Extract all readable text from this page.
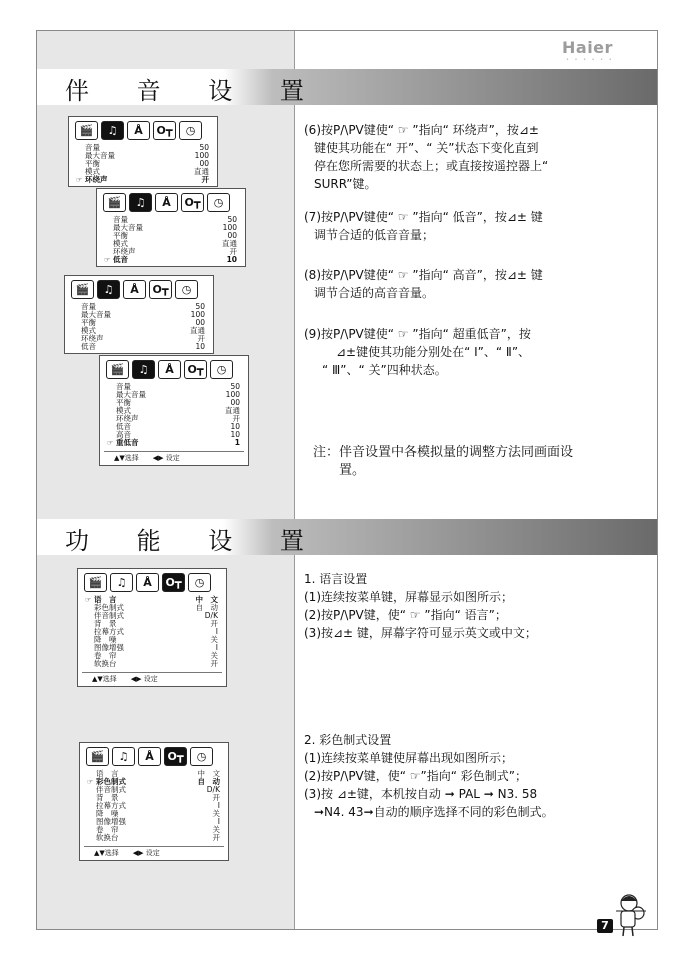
Haier
• • • • • •
伴 音 设 置
🎬	♫	Å	O┳	◷
音量	50
最大音量	100
平衡	00
模式	直通
☞ 环绕声	开
🎬	♫	Å	O┳	◷
音量	50
最大音量	100
平衡	00
模式	直通
环绕声	开
☞ 低音	10
🎬	♫	Å	O┳	◷
音量	50
最大音量	100
平衡	00
模式	直通
环绕声	开
低音	10
🎬	♫	Å	O┳	◷
音量	50
最大音量	100
平衡	00
模式	直通
环绕声	开
低音	10
高音	10
☞ 重低音	1
▲▼选择 ◀▶ 设定
(6)按P/\PV键使“ ☞ ”指向“ 环绕声”，按⊿±
键使其功能在“ 开”、“ 关”状态下变化直到
停在您所需要的状态上；或直接按遥控器上“
SURR”键。
(7)按P/\PV键使“ ☞ ”指向“ 低音”，按⊿± 键
调节合适的低音音量；
(8)按P/\PV键使“ ☞ ”指向“ 高音”，按⊿± 键
调节合适的高音音量。
(9)按P/\PV键使“ ☞ ”指向“ 超重低音”，按
⊿±键使其功能分别处在“ Ⅰ”、“ Ⅱ”、
“ Ⅲ”、“ 关”四种状态。
注：伴音设置中各模拟量的调整方法同画面设
置。
功 能 设 置
🎬	♫	Å	O┳	◷
☞ 语　言	中　文
彩色制式	自　动
伴音制式	D/K
背　景	开
拉幕方式	I
降　噪	关
图像增强	I
卷　帘	关
软换台	开
▲▼选择 ◀▶ 设定
🎬	♫	Å	O┳	◷
语　言	中　文
☞ 彩色制式	自　动
伴音制式	D/K
背　景	开
拉幕方式	I
降　噪	关
图像增强	I
卷　帘	关
软换台	开
▲▼选择 ◀▶ 设定
1. 语言设置
(1)连续按菜单键，屏幕显示如图所示；
(2)按P/\PV键，使“ ☞ ”指向“ 语言”；
(3)按⊿± 键，屏幕字符可显示英文或中文；
2. 彩色制式设置
(1)连续按菜单键使屏幕出现如图所示；
(2)按P/\PV键，使“ ☞”指向“ 彩色制式”；
(3)按 ⊿±键，本机按自动 ➞ PAL ➞ N3. 58
➞N4. 43➞自动的顺序选择不同的彩色制式。
7
